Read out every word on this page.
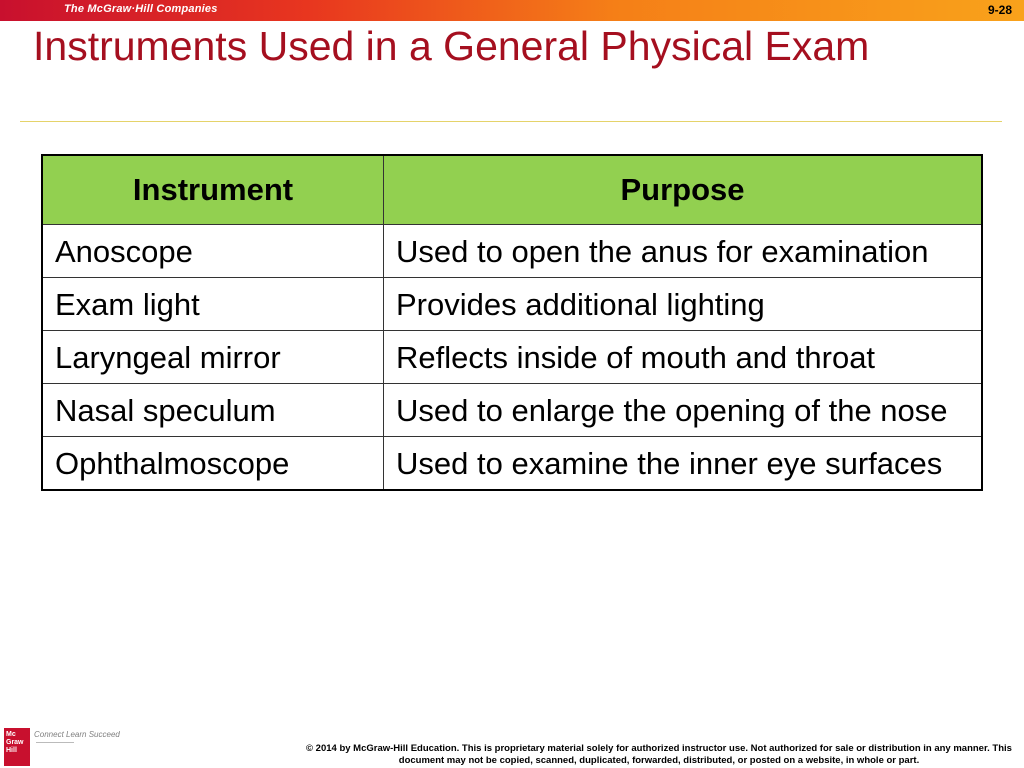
The McGraw·Hill Companies	9-28
Instruments Used in a General Physical Exam
Instrument	Purpose
Anoscope	Used to open the anus for examination
Exam light	Provides additional lighting
Laryngeal mirror	Reflects inside of mouth and throat
Nasal speculum	Used to enlarge the opening of the nose
Ophthalmoscope	Used to examine the inner eye surfaces
Mc Graw Hill
Connect Learn Succeed
© 2014 by McGraw-Hill Education. This is proprietary material solely for authorized instructor use. Not authorized for sale or distribution in any manner. This document may not be copied, scanned, duplicated, forwarded, distributed, or posted on a website, in whole or part.
